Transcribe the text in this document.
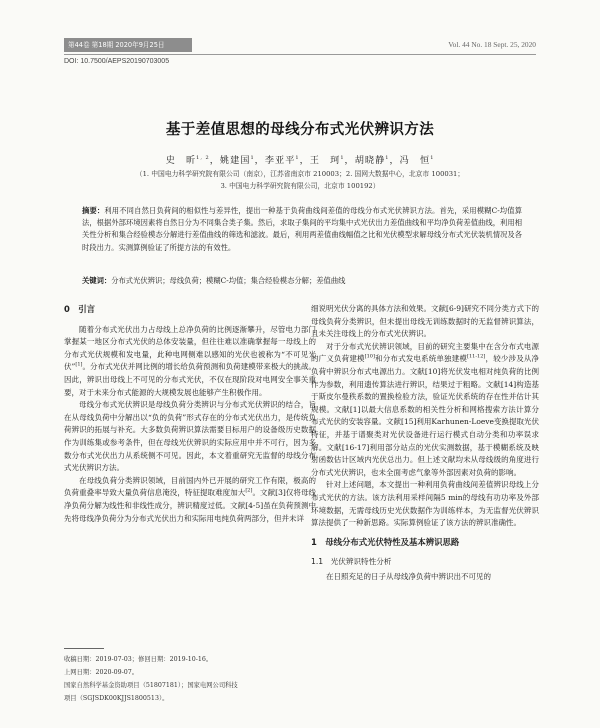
第44卷 第18期 2020年9月25日	Vol. 44 No. 18 Sept. 25, 2020
DOI: 10.7500/AEPS20190703005
基于差值思想的母线分布式光伏辨识方法
史　昕$^{1, 2}$，姚建国$^1$，李亚平$^1$，王　珂$^1$，胡晓静$^1$，冯　恒$^1$
（1. 中国电力科学研究院有限公司（南京），江苏省南京市 210003；2. 国网大数据中心，北京市 100031；
3. 中国电力科学研究院有限公司，北京市 100192）
摘要：利用不同自然日负荷间的相似性与差异性，提出一种基于负荷曲线间差值的母线分布式光伏辨识方法。首先，采用模糊C-均值算法，根据外部环境因素将自然日分为不同集合类子集。然后，求取子集间的平均集中式光伏出力差值曲线和平均净负荷差值曲线，利用相关性分析和集合经验模态分解进行差值曲线的筛选和滤波。最后，利用两差值曲线幅值之比和光伏模型求解母线分布式光伏装机情况及各时段出力。实测算例验证了所提方法的有效性。
关键词：分布式光伏辨识；母线负荷；模糊C-均值；集合经验模态分解；差值曲线
0　引言

随着分布式光伏出力占母线上总净负荷的比例逐渐攀升，尽管电力部门掌握某一地区分布式光伏的总体安装量，但往往难以准确掌握每一母线上的分布式光伏规模和发电量，此种电网侧难以感知的光伏也被称为“不可见光伏”[1]。分布式光伏并网比例的增长给负荷预测和负荷建模带来极大的挑战。因此，辨识出母线上不可见的分布式光伏，不仅在现阶段对电网安全事关重要，对于未来分布式能源的大规模发展也能够产生积极作用。

母线分布式光伏辨识是母线负荷分类辨识与分布式光伏辨识的结合，旨在从母线负荷中分解出以“负的负荷”形式存在的分布式光伏出力，是传统负荷辨识的拓展与补充。大多数负荷辨识算法需要目标用户的设备级历史数据作为训练集或参考条件，但在母线光伏辨识的实际应用中并不可行，因为多数分布式光伏出力从系统侧不可见。因此，本文着重研究无监督的母线分布式光伏辨识方法。

在母线负荷分类辨识领域，目前国内外已开展的研究工作有限，极高的负荷重叠率导致大量负荷信息淹没，特征提取难度加大[2]。文献[3]仅将母线净负荷分解为线性和非线性成分，辨识精度过低。文献[4-5]虽在负荷预测中先将母线净负荷分为分布式光伏出力和实际用电纯负荷两部分，但并未详

细说明光伏分离的具体方法和效果。文献[6-9]研究不同分类方式下的母线负荷分类辨识，但未提出母线无训练数据时的无监督辨识算法，且未关注母线上的分布式光伏辨识。

对于分布式光伏辨识领域，目前的研究主要集中在含分布式电源的广义负荷建模[10]和分布式发电系统单独建模[11-12]，较少涉及从净负荷中辨识分布式电源出力。文献[10]将光伏发电相对纯负荷的比例作为参数，利用遗传算法进行辨识，结果过于粗略。文献[14]构造基于斯皮尔曼秩系数的置换检验方法，验证光伏系统的存在性并估计其规模。文献[1]以最大信息系数的相关性分析和网格搜索方法计算分布式光伏的安装容量。文献[15]利用Karhunen-Loeve变换提取光伏特征，并基于谱聚类对光伏设备进行运行模式自动分类和功率误求解。文献[16-17]利用部分站点的光伏实测数据，基于模糊系统及映射函数估计区域内光伏总出力。但上述文献均未从母线级的角度进行分布式光伏辨识，也未全面考虑气象等外部因素对负荷的影响。

针对上述问题，本文提出一种利用负荷曲线间差值辨识母线上分布式光伏的方法。该方法利用采样间隔5 min的母线有功功率及外部环境数据，无需母线历史光伏数据作为训练样本，为无监督光伏辨识算法提供了一种新思路。实际算例验证了该方法的辨识准确性。

1　母线分布式光伏特性及基本辨识思路
1.1　光伏辨识特性分析

在日照充足的日子从母线净负荷中辨识出不可见的

收稿日期：2019-07-03；修回日期：2019-10-16。
上网日期：2020-09-07。
国家自然科学基金资助项目（51807181）；国家电网公司科技
项目（SGJSDK00KJJS1800513）。
